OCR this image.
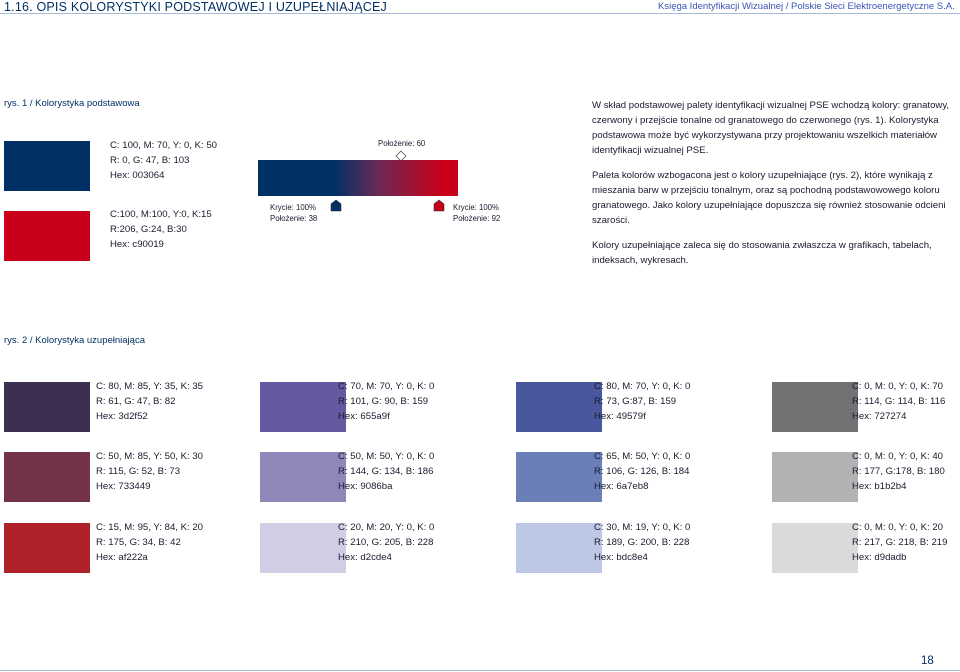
1.16. OPIS KOLORYSTYKI PODSTAWOWEJ I UZUPEŁNIAJĄCEJ	Księga Identyfikacji Wizualnej / Polskie Sieci Elektroenergetyczne S.A.
rys. 1 / Kolorystyka podstawowa
C: 100, M: 70, Y: 0, K: 50
R: 0, G: 47, B: 103
Hex: 003064
C:100, M:100, Y:0, K:15
R:206, G:24, B:30
Hex: c90019
Położenie: 60
Krycie: 100%
Położenie: 38
Krycie: 100%
Położenie: 92
W skład podstawowej palety identyfikacji wizualnej PSE wchodzą kolory: granatowy, czerwony i przejście tonalne od granatowego do czerwonego (rys. 1). Kolorystyka podstawowa może być wykorzystywana przy projektowaniu wszelkich materiałów identyfikacji wizualnej PSE.
Paleta kolorów wzbogacona jest o kolory uzupełniające (rys. 2), które wynikają z mieszania barw w przejściu tonalnym, oraz są pochodną podstawowowego koloru granatowego. Jako kolory uzupełniające dopuszcza się również stosowanie odcieni szarości.
Kolory uzupełniające zaleca się do stosowania zwłaszcza w grafikach, tabelach, indeksach, wykresach.
rys. 2 / Kolorystyka uzupełniająca
C: 80, M: 85, Y: 35, K: 35
R: 61, G: 47, B: 82
Hex: 3d2f52
C: 70, M: 70, Y: 0, K: 0
R: 101, G: 90, B: 159
Hex: 655a9f
C: 80, M: 70, Y: 0, K: 0
R: 73, G:87, B: 159
Hex: 49579f
C: 0, M: 0, Y: 0, K: 70
R: 114, G: 114, B: 116
Hex: 727274
C: 50, M: 85, Y: 50, K: 30
R: 115, G: 52, B: 73
Hex: 733449
C: 50, M: 50, Y: 0, K: 0
R: 144, G: 134, B: 186
Hex: 9086ba
C: 65, M: 50, Y: 0, K: 0
R: 106, G: 126, B: 184
Hex: 6a7eb8
C: 0, M: 0, Y: 0, K: 40
R: 177, G:178, B: 180
Hex: b1b2b4
C: 15, M: 95, Y: 84, K: 20
R: 175, G: 34, B: 42
Hex: af222a
C: 20, M: 20, Y: 0, K: 0
R: 210, G: 205, B: 228
Hex: d2cde4
C: 30, M: 19, Y: 0, K: 0
R: 189, G: 200, B: 228
Hex: bdc8e4
C: 0, M: 0, Y: 0, K: 20
R: 217, G: 218, B: 219
Hex: d9dadb
18
